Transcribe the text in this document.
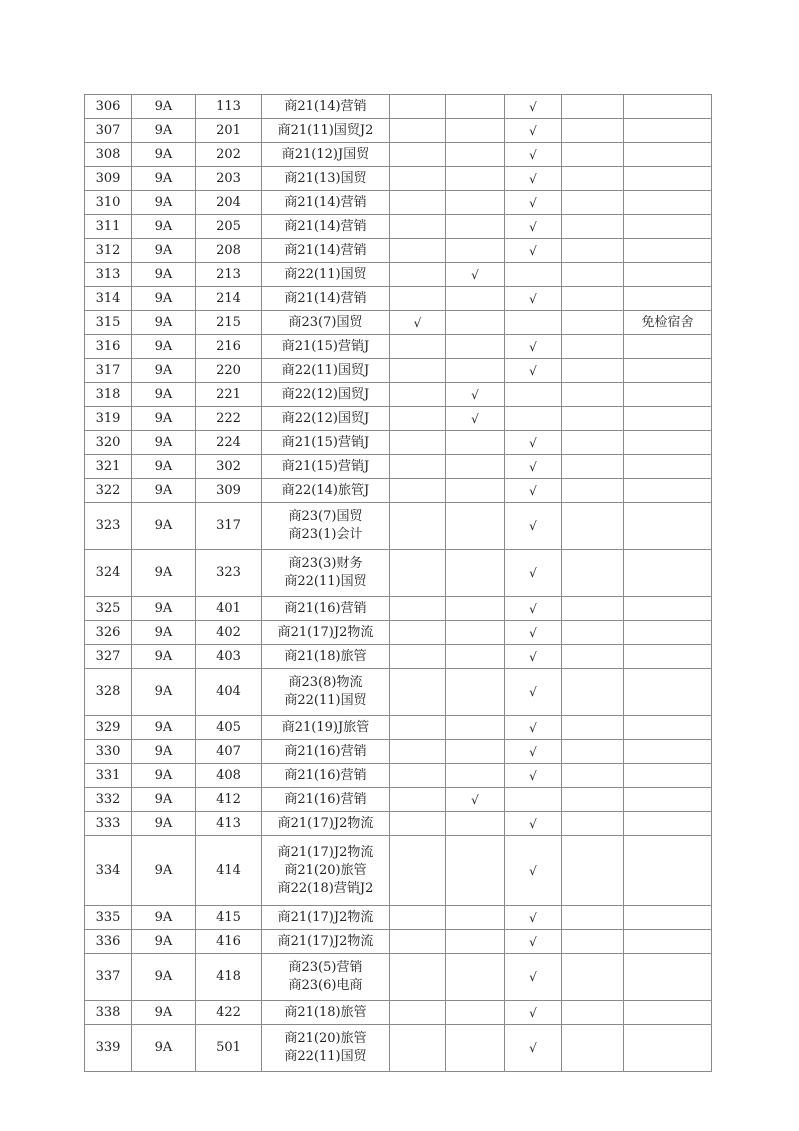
306	9A	113	商21(14)营销			√		
307	9A	201	商21(11)国贸J2			√		
308	9A	202	商21(12)J国贸			√		
309	9A	203	商21(13)国贸			√		
310	9A	204	商21(14)营销			√		
311	9A	205	商21(14)营销			√		
312	9A	208	商21(14)营销			√		
313	9A	213	商22(11)国贸		√			
314	9A	214	商21(14)营销			√		
315	9A	215	商23(7)国贸	√				免检宿舍
316	9A	216	商21(15)营销J			√		
317	9A	220	商22(11)国贸J			√		
318	9A	221	商22(12)国贸J		√			
319	9A	222	商22(12)国贸J		√			
320	9A	224	商21(15)营销J			√		
321	9A	302	商21(15)营销J			√		
322	9A	309	商22(14)旅管J			√		
323	9A	317	商23(7)国贸
商23(1)会计			√		
324	9A	323	商23(3)财务
商22(11)国贸			√		
325	9A	401	商21(16)营销			√		
326	9A	402	商21(17)J2物流			√		
327	9A	403	商21(18)旅管			√		
328	9A	404	商23(8)物流
商22(11)国贸			√		
329	9A	405	商21(19)J旅管			√		
330	9A	407	商21(16)营销			√		
331	9A	408	商21(16)营销			√		
332	9A	412	商21(16)营销		√			
333	9A	413	商21(17)J2物流			√		
334	9A	414	商21(17)J2物流
商21(20)旅管
商22(18)营销J2			√		
335	9A	415	商21(17)J2物流			√		
336	9A	416	商21(17)J2物流			√		
337	9A	418	商23(5)营销
商23(6)电商			√		
338	9A	422	商21(18)旅管			√		
339	9A	501	商21(20)旅管
商22(11)国贸			√		
